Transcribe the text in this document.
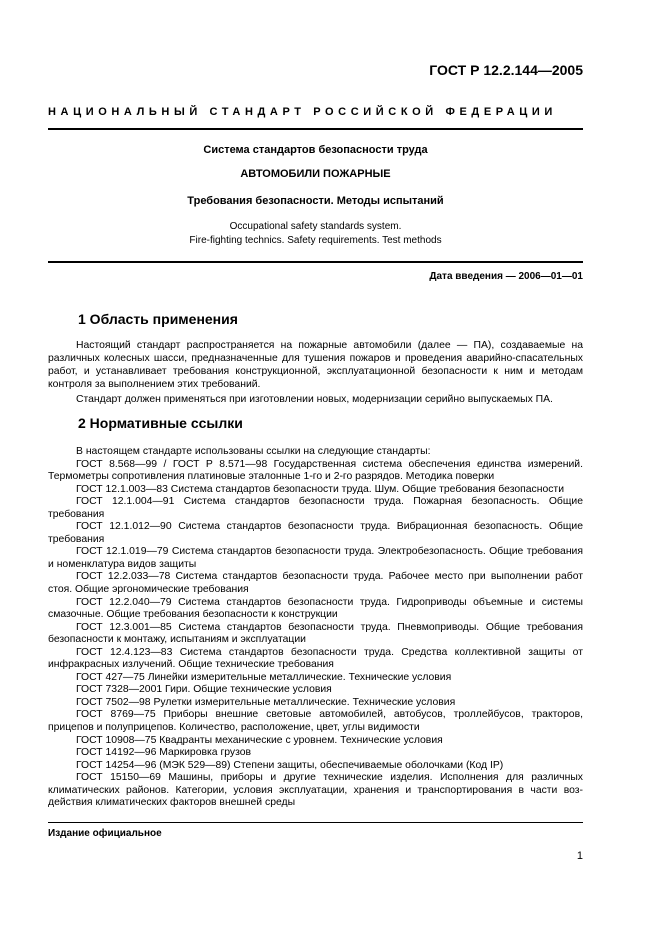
ГОСТ Р 12.2.144—2005
НАЦИОНАЛЬНЫЙ СТАНДАРТ РОССИЙСКОЙ ФЕДЕРАЦИИ
Система стандартов безопасности труда
АВТОМОБИЛИ ПОЖАРНЫЕ
Требования безопасности. Методы испытаний
Occupational safety standards system.
Fire-fighting technics. Safety requirements. Test methods
Дата введения — 2006—01—01
1 Область применения

Настоящий стандарт распространяется на пожарные автомобили (далее — ПА), создаваемые на различных колесных шасси, предназначенные для тушения пожаров и проведения аварийно-спасательных работ, и устанавливает требования конструкционной, эксплуатационной безопасности к ним и методам контроля за выполнением этих требований.

Стандарт должен применяться при изготовлении новых, модернизации серийно выпускаемых ПА.

2 Нормативные ссылки

В настоящем стандарте использованы ссылки на следующие стандарты:

ГОСТ 8.568—99 / ГОСТ Р 8.571—98 Государственная система обеспечения единства измерений. Термометры сопротивления платиновые эталонные 1-го и 2-го разрядов. Методика поверки

ГОСТ 12.1.003—83 Система стандартов безопасности труда. Шум. Общие требования безопасности

ГОСТ 12.1.004—91 Система стандартов безопасности труда. Пожарная безопасность. Общие требования

ГОСТ 12.1.012—90 Система стандартов безопасности труда. Вибрационная безопасность. Общие требования

ГОСТ 12.1.019—79 Система стандартов безопасности труда. Электробезопасность. Общие требования и номенклатура видов защиты

ГОСТ 12.2.033—78 Система стандартов безопасности труда. Рабочее место при выполнении работ стоя. Общие эргономические требования

ГОСТ 12.2.040—79 Система стандартов безопасности труда. Гидроприводы объемные и системы смазочные. Общие требования безопасности к конструкции

ГОСТ 12.3.001—85 Система стандартов безопасности труда. Пневмоприводы. Общие требования безопасности к монтажу, испытаниям и эксплуатации

ГОСТ 12.4.123—83 Система стандартов безопасности труда. Средства коллективной защиты от инфракрасных излучений. Общие технические требования

ГОСТ 427—75 Линейки измерительные металлические. Технические условия

ГОСТ 7328—2001 Гири. Общие технические условия

ГОСТ 7502—98 Рулетки измерительные металлические. Технические условия

ГОСТ 8769—75 Приборы внешние световые автомобилей, автобусов, троллейбусов, тракторов, прицепов и полуприцепов. Количество, расположение, цвет, углы видимости

ГОСТ 10908—75 Квадранты механические с уровнем. Технические условия

ГОСТ 14192—96 Маркировка грузов

ГОСТ 14254—96 (МЭК 529—89) Степени защиты, обеспечиваемые оболочками (Код IP)

ГОСТ 15150—69 Машины, приборы и другие технические изделия. Исполнения для различных климатических районов. Категории, условия эксплуатации, хранения и транспортирования в части воздействия климатических факторов внешней среды

Издание официальное
1
